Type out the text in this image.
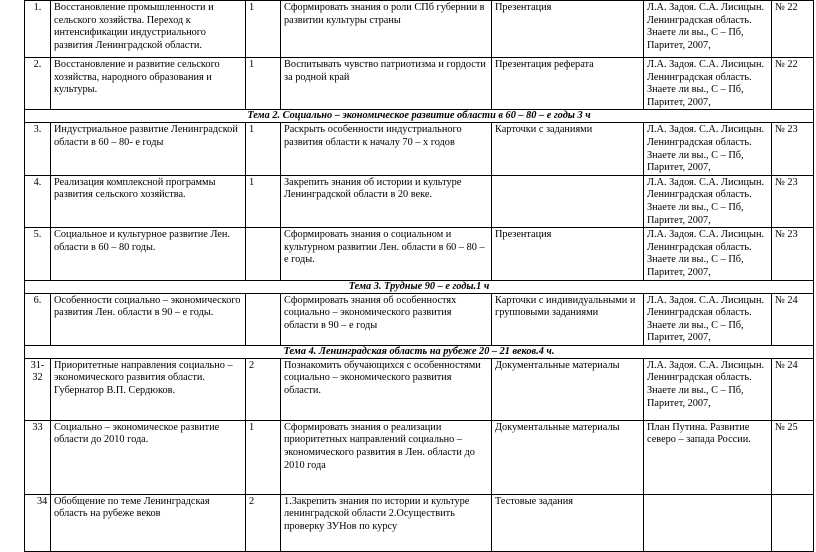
1.	Восстановление промышленности и сельского хозяйства. Переход к интенсификации индустриального развития Ленинградской области.	1	Сформировать знания о роли СПб губернии в развитии культуры страны	Презентация	Л.А. Задоя. С.А. Лисицын. Ленинградская область. Знаете ли вы., С – Пб, Паритет, 2007,	№ 22
2.	Восстановление и развитие сельского хозяйства, народного образования и культуры.	1	Воспитывать чувство патриотизма и гордости за родной край	Презентация реферата	Л.А. Задоя. С.А. Лисицын. Ленинградская область. Знаете ли вы., С – Пб, Паритет, 2007,	№ 22
Тема 2. Социально – экономическое развитие области в 60 – 80 – е годы 3 ч						
3.	Индустриальное развитие Ленинградской области в 60 – 80- е годы	1	Раскрыть особенности индустриального развития области к началу 70 – х годов	Карточки с заданиями	Л.А. Задоя. С.А. Лисицын. Ленинградская область. Знаете ли вы., С – Пб, Паритет, 2007,	№ 23
4.	Реализация комплексной программы развития сельского хозяйства.	1	Закрепить знания об истории и культуре Ленинградской области в 20 веке.		Л.А. Задоя. С.А. Лисицын. Ленинградская область. Знаете ли вы., С – Пб, Паритет, 2007,	№ 23
5.	Социальное и культурное развитие Лен. области в 60 – 80 годы.		Сформировать знания о социальном и культурном развитии Лен. области в 60 – 80 – е годы.	Презентация	Л.А. Задоя. С.А. Лисицын. Ленинградская область. Знаете ли вы., С – Пб, Паритет, 2007,	№ 23
Тема 3. Трудные 90 – е годы.1 ч						
6.	Особенности социально – экономического развития Лен. области в 90 – е годы.		Сформировать знания об особенностях социально – экономического развития области в 90 – е годы	Карточки с индивидуальными и групповыми заданиями	Л.А. Задоя. С.А. Лисицын. Ленинградская область. Знаете ли вы., С – Пб, Паритет, 2007,	№ 24
Тема 4. Ленинградская область на рубеже 20 – 21 веков.4 ч.						
31-32	Приоритетные направления социально – экономического развития области. Губернатор В.П. Сердюков.	2	Познакомить обучающихся с особенностями социально – экономического развития области.	Документальные материалы	Л.А. Задоя. С.А. Лисицын. Ленинградская область. Знаете ли вы., С – Пб, Паритет, 2007,	№ 24
33	Социально – экономическое развитие области до 2010 года.	1	Сформировать знания о реализации приоритетных направлений социально – экономического развития в Лен. области до 2010 года	Документальные материалы	План Путина. Развитие северо – запада России.	№ 25
34	Обобщение по теме Ленинградская область на рубеже веков	2	1.Закрепить знания по истории и культуре ленинградской области 2.Осуществить проверку ЗУНов по курсу	Тестовые задания		
